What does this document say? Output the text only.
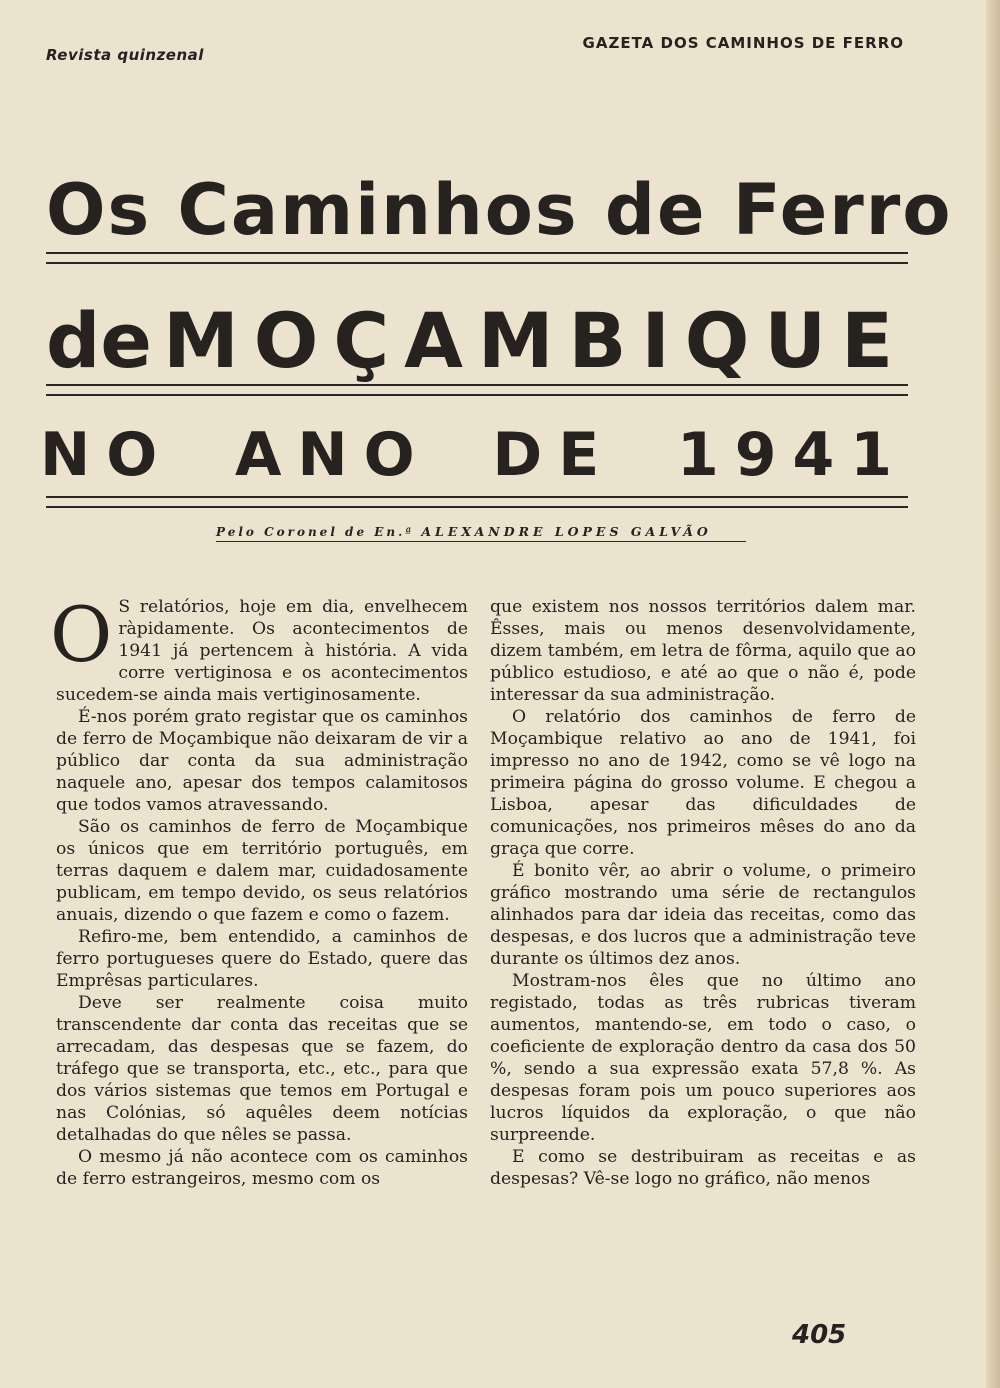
Revista quinzenal
GAZETA DOS CAMINHOS DE FERRO
Os Caminhos de Ferro
de MOÇAMBIQUE
NO ANO DE 1941
Pelo Coronel de En.ª ALEXANDRE LOPES GALVÃO

O S relatórios, hoje em dia, envelhecem ràpidamente. Os acontecimentos de 1941 já pertencem à história. A vida corre vertiginosa e os acontecimentos sucedem-se ainda mais vertiginosamente.

É-nos porém grato registar que os caminhos de ferro de Moçambique não deixaram de vir a público dar conta da sua administração naquele ano, apesar dos tempos calamitosos que todos vamos atravessando.

São os caminhos de ferro de Moçambique os únicos que em território português, em terras daquem e dalem mar, cuidadosamente publicam, em tempo devido, os seus relatórios anuais, dizendo o que fazem e como o fazem.

Refiro-me, bem entendido, a caminhos de ferro portugueses quere do Estado, quere das Emprêsas particulares.

Deve ser realmente coisa muito transcendente dar conta das receitas que se arrecadam, das despesas que se fazem, do tráfego que se transporta, etc., etc., para que dos vários sistemas que temos em Portugal e nas Colónias, só aquêles deem notícias detalhadas do que nêles se passa.

O mesmo já não acontece com os caminhos de ferro estrangeiros, mesmo com os

que existem nos nossos territórios dalem mar. Êsses, mais ou menos desenvolvidamente, dizem também, em letra de fôrma, aquilo que ao público estudioso, e até ao que o não é, pode interessar da sua administração.

O relatório dos caminhos de ferro de Moçambique relativo ao ano de 1941, foi impresso no ano de 1942, como se vê logo na primeira página do grosso volume. E chegou a Lisboa, apesar das dificuldades de comunicações, nos primeiros mêses do ano da graça que corre.

É bonito vêr, ao abrir o volume, o primeiro gráfico mostrando uma série de rectangulos alinhados para dar ideia das receitas, como das despesas, e dos lucros que a administração teve durante os últimos dez anos.

Mostram-nos êles que no último ano registado, todas as três rubricas tiveram aumentos, mantendo-se, em todo o caso, o coeficiente de exploração dentro da casa dos 50 %, sendo a sua expressão exata 57,8 %. As despesas foram pois um pouco superiores aos lucros líquidos da exploração, o que não surpreende.

E como se destribuiram as receitas e as despesas? Vê-se logo no gráfico, não menos

405
